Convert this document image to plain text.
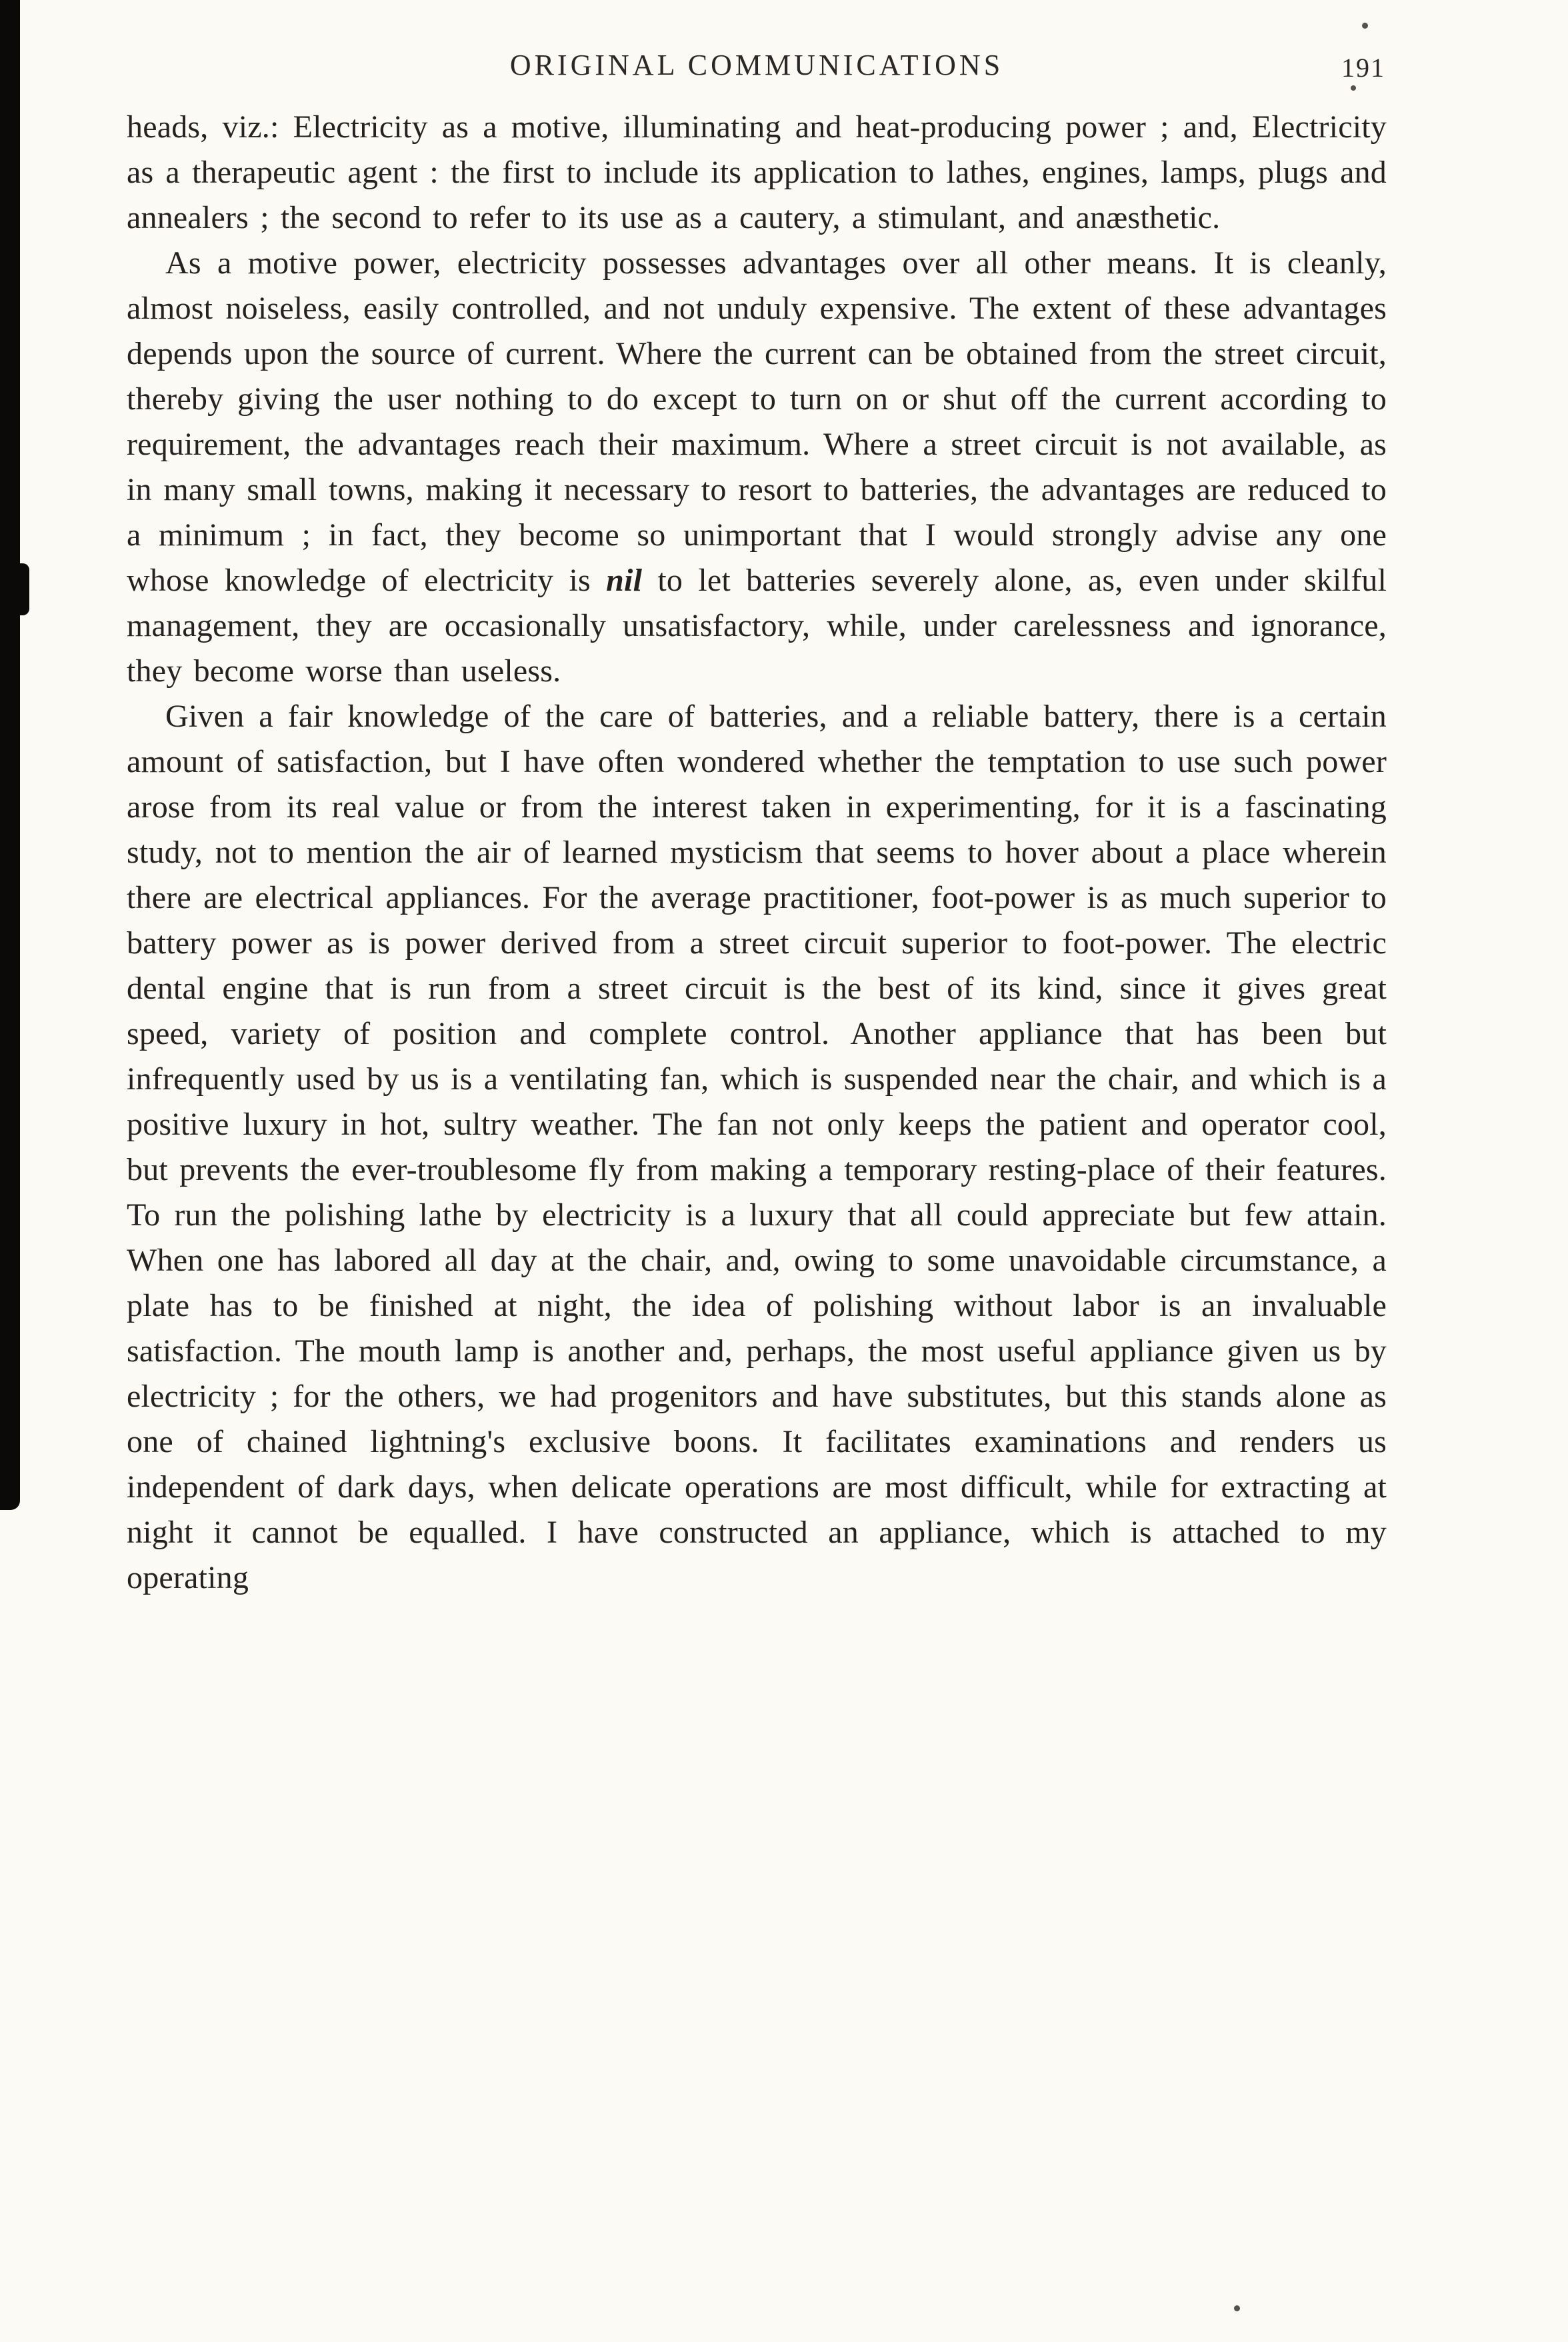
ORIGINAL COMMUNICATIONS	191

heads, viz.: Electricity as a motive, illuminating and heat-producing power ; and, Electricity as a therapeutic agent : the first to include its application to lathes, engines, lamps, plugs and annealers ; the second to refer to its use as a cautery, a stimulant, and anæsthetic.

As a motive power, electricity possesses advantages over all other means. It is cleanly, almost noiseless, easily controlled, and not unduly expensive. The extent of these advantages depends upon the source of current. Where the current can be obtained from the street circuit, thereby giving the user nothing to do except to turn on or shut off the current according to requirement, the advantages reach their maximum. Where a street circuit is not available, as in many small towns, making it necessary to resort to batteries, the advantages are reduced to a minimum ; in fact, they become so unimportant that I would strongly advise any one whose knowledge of electricity is nil to let batteries severely alone, as, even under skilful management, they are occasionally unsatisfactory, while, under carelessness and ignorance, they become worse than useless.

Given a fair knowledge of the care of batteries, and a reliable battery, there is a certain amount of satisfaction, but I have often wondered whether the temptation to use such power arose from its real value or from the interest taken in experimenting, for it is a fascinating study, not to mention the air of learned mysticism that seems to hover about a place wherein there are electrical appliances. For the average practitioner, foot-power is as much superior to battery power as is power derived from a street circuit superior to foot-power. The electric dental engine that is run from a street circuit is the best of its kind, since it gives great speed, variety of position and complete control. Another appliance that has been but infrequently used by us is a ventilating fan, which is suspended near the chair, and which is a positive luxury in hot, sultry weather. The fan not only keeps the patient and operator cool, but prevents the ever-troublesome fly from making a temporary resting-place of their features. To run the polishing lathe by electricity is a luxury that all could appreciate but few attain. When one has labored all day at the chair, and, owing to some unavoidable circumstance, a plate has to be finished at night, the idea of polishing without labor is an invaluable satisfaction. The mouth lamp is another and, perhaps, the most useful appliance given us by electricity ; for the others, we had progenitors and have substitutes, but this stands alone as one of chained lightning's exclusive boons. It facilitates examinations and renders us independent of dark days, when delicate operations are most difficult, while for extracting at night it cannot be equalled. I have constructed an appliance, which is attached to my operating
